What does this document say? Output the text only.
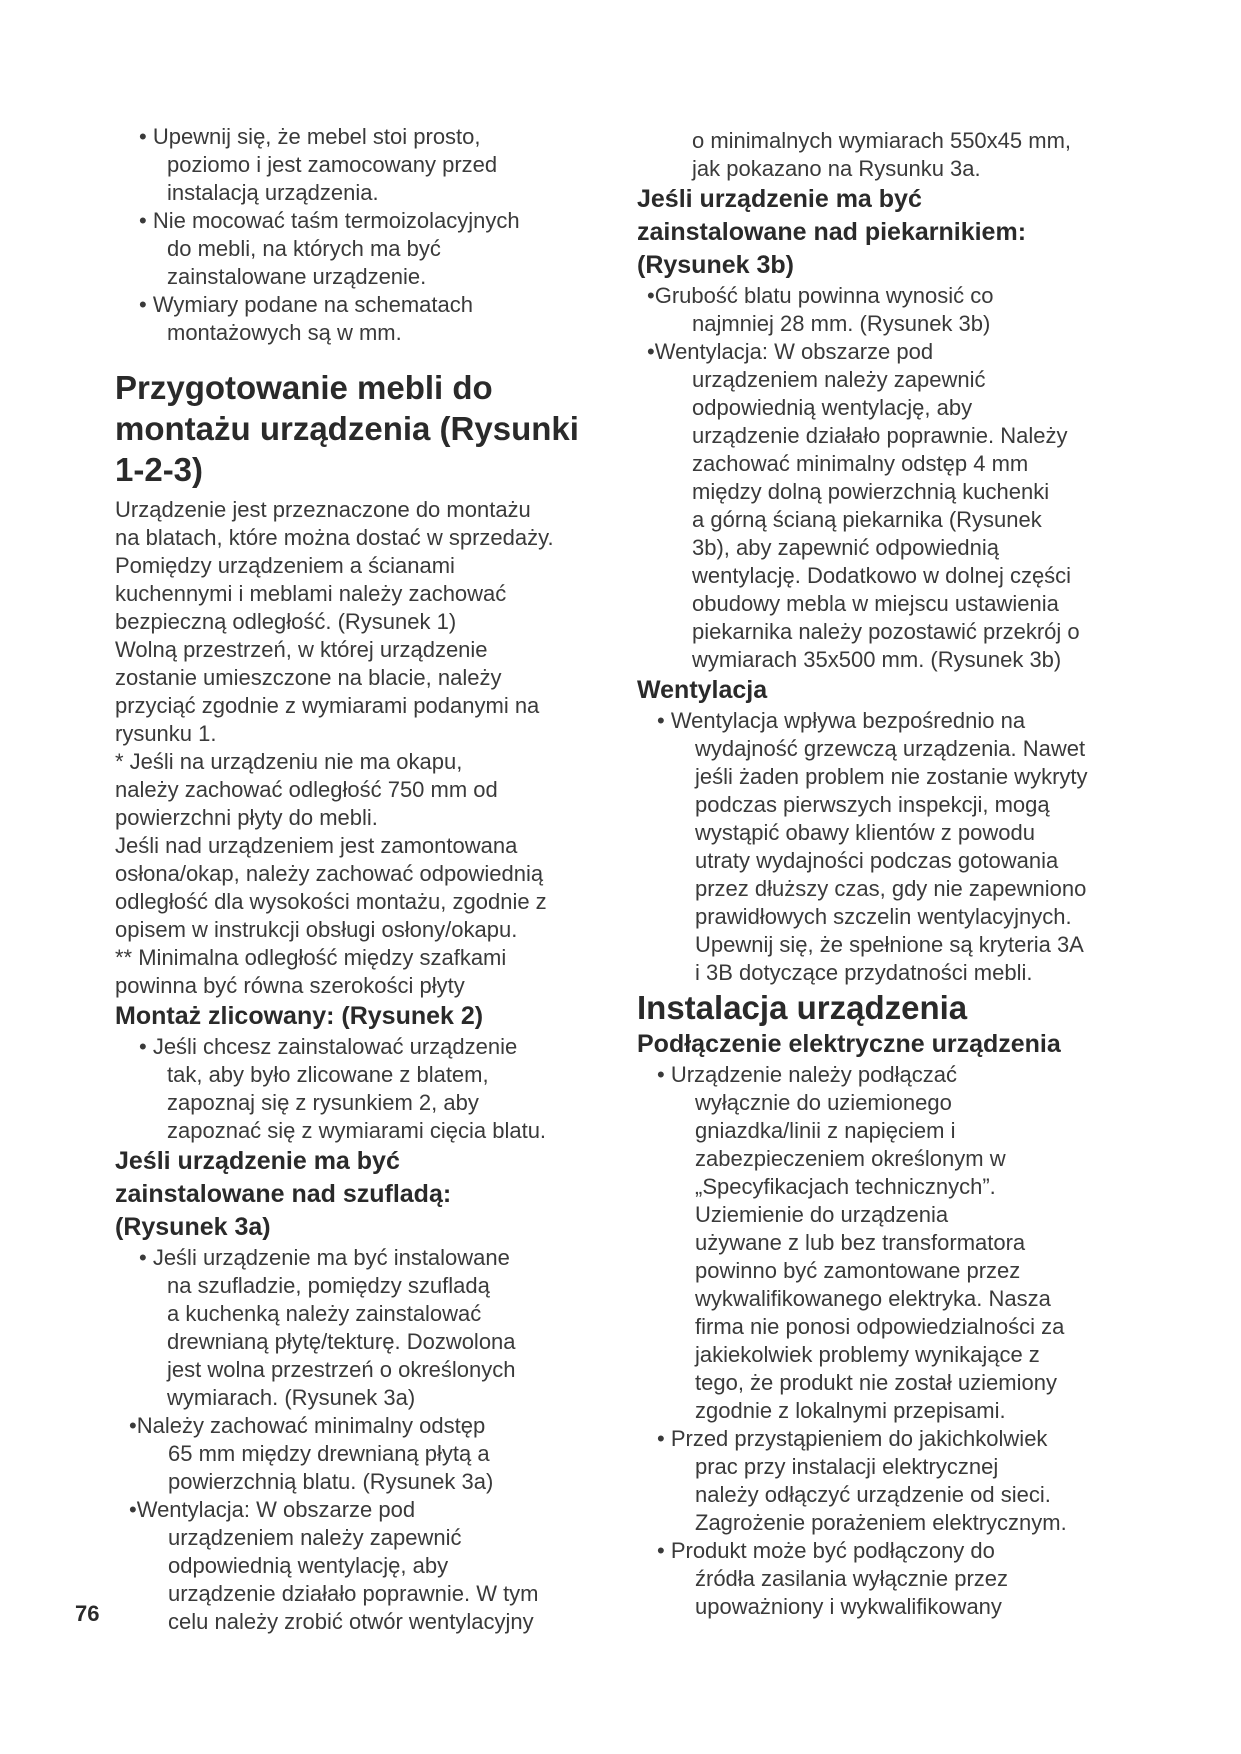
• Upewnij się, że mebel stoi prosto,
poziomo i jest zamocowany przed
instalacją urządzenia.
• Nie mocować taśm termoizolacyjnych
do mebli, na których ma być
zainstalowane urządzenie.
• Wymiary podane na schematach
montażowych są w mm.
Przygotowanie mebli do
montażu urządzenia (Rysunki
1-2-3)
Urządzenie jest przeznaczone do montażu
na blatach, które można dostać w sprzedaży.
Pomiędzy urządzeniem a ścianami
kuchennymi i meblami należy zachować
bezpieczną odległość. (Rysunek 1)
Wolną przestrzeń, w której urządzenie
zostanie umieszczone na blacie, należy
przyciąć zgodnie z wymiarami podanymi na
rysunku 1.
* Jeśli na urządzeniu nie ma okapu,
należy zachować odległość 750 mm od
powierzchni płyty do mebli.
Jeśli nad urządzeniem jest zamontowana
osłona/okap, należy zachować odpowiednią
odległość dla wysokości montażu, zgodnie z
opisem w instrukcji obsługi osłony/okapu.
** Minimalna odległość między szafkami
powinna być równa szerokości płyty
Montaż zlicowany: (Rysunek 2)
• Jeśli chcesz zainstalować urządzenie
tak, aby było zlicowane z blatem,
zapoznaj się z rysunkiem 2, aby
zapoznać się z wymiarami cięcia blatu.
Jeśli urządzenie ma być
zainstalowane nad szufladą:
(Rysunek 3a)
• Jeśli urządzenie ma być instalowane
na szufladzie, pomiędzy szufladą
a kuchenką należy zainstalować
drewnianą płytę/tekturę. Dozwolona
jest wolna przestrzeń o określonych
wymiarach. (Rysunek 3a)
•Należy zachować minimalny odstęp
65 mm między drewnianą płytą a
powierzchnią blatu. (Rysunek 3a)
•Wentylacja: W obszarze pod
urządzeniem należy zapewnić
odpowiednią wentylację, aby
urządzenie działało poprawnie. W tym
celu należy zrobić otwór wentylacyjny
o minimalnych wymiarach 550x45 mm,
jak pokazano na Rysunku 3a.
Jeśli urządzenie ma być
zainstalowane nad piekarnikiem:
(Rysunek 3b)
•Grubość blatu powinna wynosić co
najmniej 28 mm. (Rysunek 3b)
•Wentylacja: W obszarze pod
urządzeniem należy zapewnić
odpowiednią wentylację, aby
urządzenie działało poprawnie. Należy
zachować minimalny odstęp 4 mm
między dolną powierzchnią kuchenki
a górną ścianą piekarnika (Rysunek
3b), aby zapewnić odpowiednią
wentylację. Dodatkowo w dolnej części
obudowy mebla w miejscu ustawienia
piekarnika należy pozostawić przekrój o
wymiarach 35x500 mm. (Rysunek 3b)
Wentylacja
• Wentylacja wpływa bezpośrednio na
wydajność grzewczą urządzenia. Nawet
jeśli żaden problem nie zostanie wykryty
podczas pierwszych inspekcji, mogą
wystąpić obawy klientów z powodu
utraty wydajności podczas gotowania
przez dłuższy czas, gdy nie zapewniono
prawidłowych szczelin wentylacyjnych.
Upewnij się, że spełnione są kryteria 3A
i 3B dotyczące przydatności mebli.
Instalacja urządzenia
Podłączenie elektryczne urządzenia
• Urządzenie należy podłączać
wyłącznie do uziemionego
gniazdka/linii z napięciem i
zabezpieczeniem określonym w
„Specyfikacjach technicznych”.
Uziemienie do urządzenia
używane z lub bez transformatora
powinno być zamontowane przez
wykwalifikowanego elektryka. Nasza
firma nie ponosi odpowiedzialności za
jakiekolwiek problemy wynikające z
tego, że produkt nie został uziemiony
zgodnie z lokalnymi przepisami.
• Przed przystąpieniem do jakichkolwiek
prac przy instalacji elektrycznej
należy odłączyć urządzenie od sieci.
Zagrożenie porażeniem elektrycznym.
• Produkt może być podłączony do
źródła zasilania wyłącznie przez
upoważniony i wykwalifikowany
76
